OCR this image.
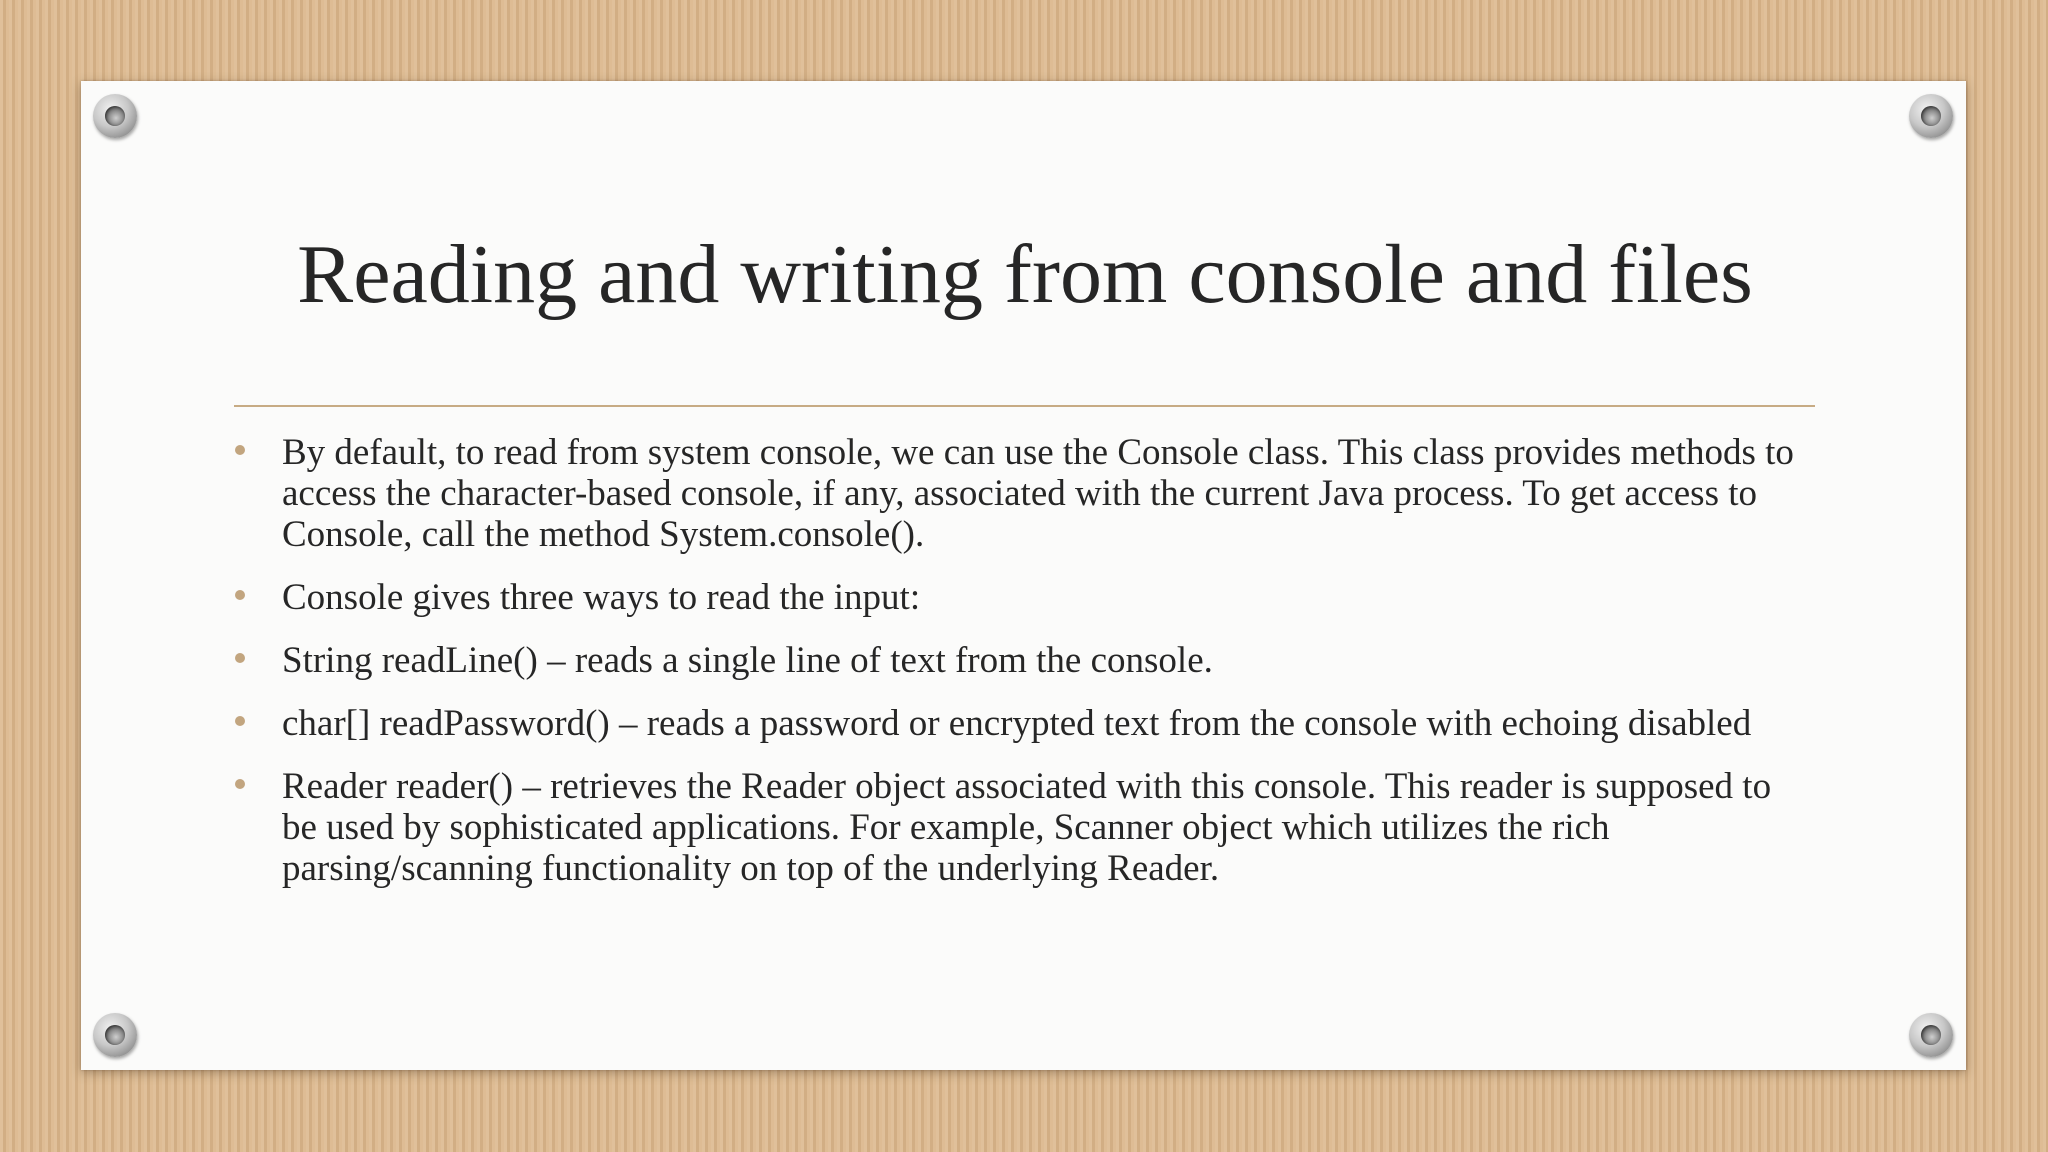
Reading and writing from console and files
By default, to read from system console, we can use the Console class. This class provides methods to access the character-based console, if any, associated with the current Java process. To get access to Console, call the method System.console().
Console gives three ways to read the input:
String readLine() – reads a single line of text from the console.
char[] readPassword() – reads a password or encrypted text from the console with echoing disabled
Reader reader() – retrieves the Reader object associated with this console. This reader is supposed to be used by sophisticated applications. For example, Scanner object which utilizes the rich parsing/scanning functionality on top of the underlying Reader.
